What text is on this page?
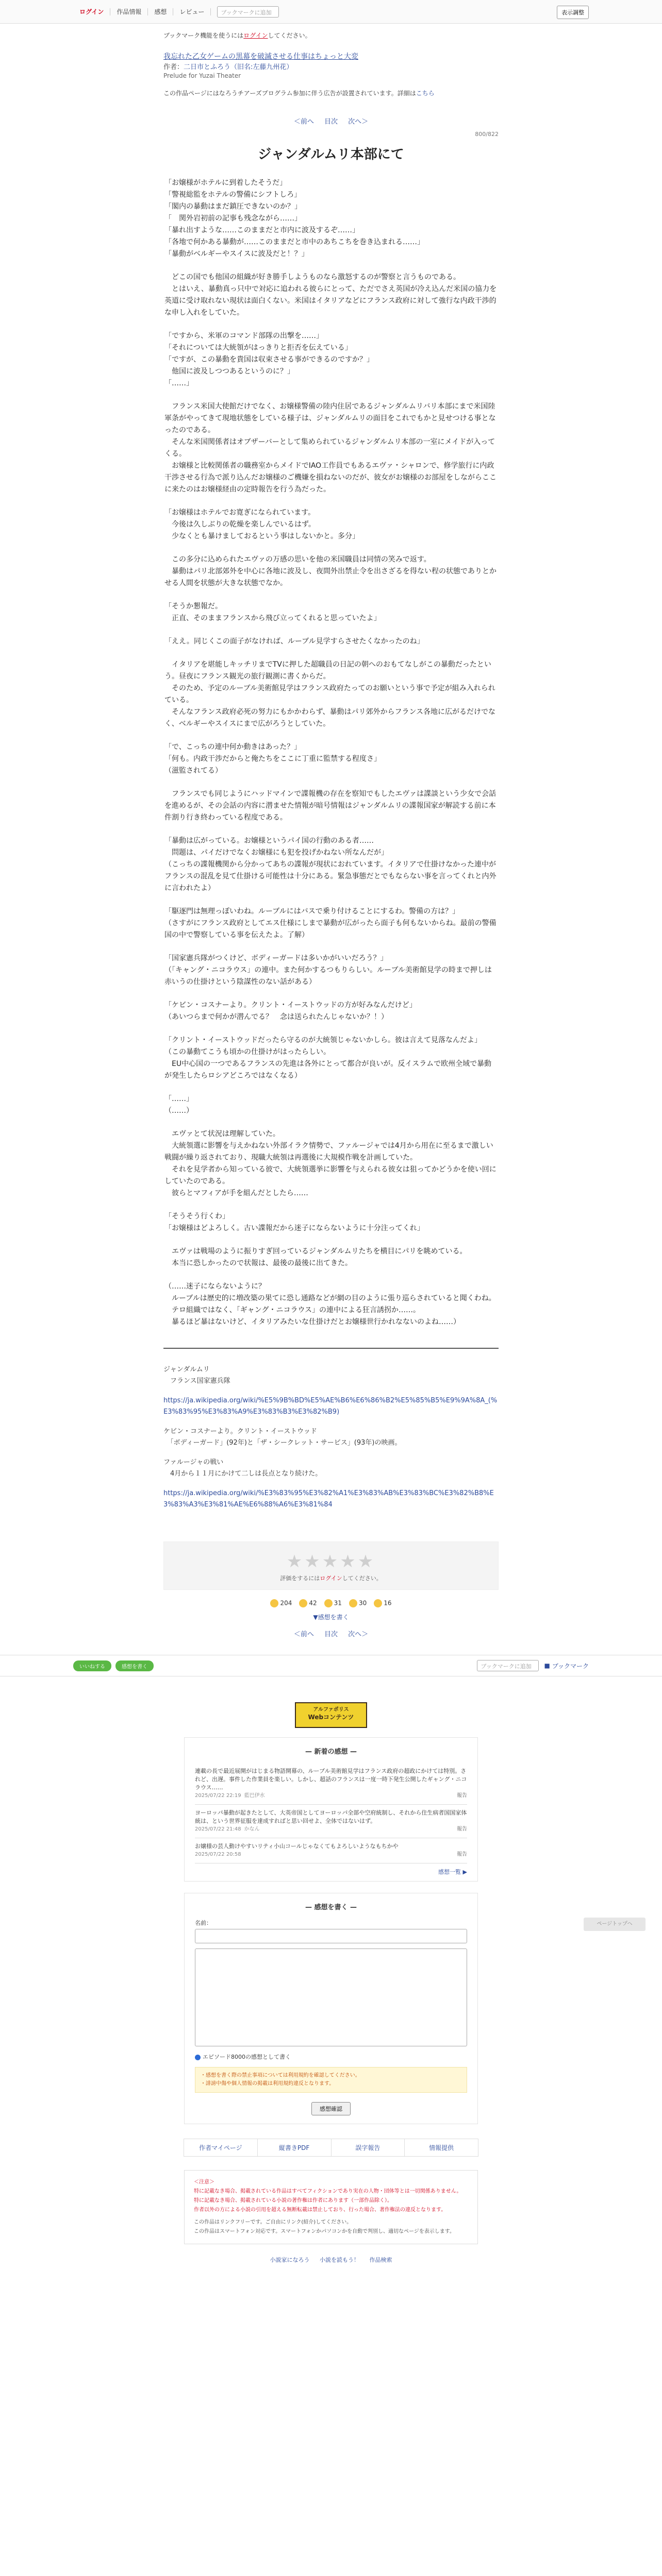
ログイン	作品情報	感想	レビュー	ブックマークに追加	表示調整
ブックマーク機能を使うにはログインしてください。
我忘れた乙女ゲームの黒幕を破滅させる仕事はちょっと大変
作者：二日市とふろう（旧名:左藤九州花）
Prelude for Yuzai Theater
この作品ページにはなろうチアーズプログラム参加に伴う広告が設置されています。詳細はこちら
＜前へ 目次 次へ＞
800/822
ジャンダルムリ本部にて

「お嬢様がホテルに到着したそうだ」

「警視総監をホテルの警備にシフトしろ」

「閣内の暴動はまだ鎮圧できないのか？」

「　関外岩初前の記事も残念ながら……」

「暴れ出すような……このままだと市内に波及するぞ……」

「各地で何かある暴動が……このままだと市中のあちこちを巻き込まれる……」

「暴動がベルギーやスイスに波及だと！？」

　どこの国でも他国の組織が好き勝手しようものなら激怒するのが警察と言うものである。

　とはいえ、暴動真っ只中で対応に追われる彼らにとって、ただでさえ英国が冷え込んだ米国の協力を英道に受け取れない現状は面白くない。米国はイタリアなどにフランス政府に対して強行な内政干渉的な申し入れをしていた。

「ですから、米軍のコマンド部隊の出撃を……」

「それについては大統領がはっきりと拒否を伝えている」

「ですが、この暴動を貴国は収束させる事ができるのですか？」

　他国に波及しつつあるというのに？」

「……」

　フランス米国大使館だけでなく、お嬢様警備の陸内住居であるジャンダルムリバリ本部にまで米国陸軍条がやってきて現地状態をしている様子は、ジャンダルムリの面目をこれでもかと見せつける事となったのである。

　そんな米国関係者はオブザーバーとして集められているジャンダルムリ本部の一室にメイドが入ってくる。

　お嬢様と比較関係者の職務室からメイドでIAO工作員でもあるエヴァ・シャロンで、修学旅行に内政干渉させる行為で派り込んだお嬢様のご機嫌を損ねないのだが、彼女がお嬢様のお部屋をしながらここに来たのはお嬢様経由の定時報告を行う為だった。

「お嬢様はホテルでお寛ぎになられています。

　今後は久しぶりの乾燥を楽しんでいるはず。

　少なくとも暴けましておるという事はしないかと。多分」

　この多分に込められたエヴァの万感の思いを他の米国職員は同情の笑みで返す。

　暴動はパリ北部郊外を中心に各地に波及し、夜間外出禁止令を出さざるを得ない程の状態でありとかせる人間を状態が大きな状態でなか。

「そうか懇報だ。

　正直、そのままフランスから飛び立ってくれると思っていたよ」

「ええ。同じくこの面子がなければ、ルーブル見学すらさせたくなかったのね」

　イタリアを堪能しキッチリまでTVに押した超職員の日記の朝へのおもてなしがこの暴動だったという。昼夜にフランス観光の旅行観測に書くからだ。

　そのため、予定のルーブル美術館見学はフランス政府たってのお願いという事で予定が組み入れられている。

　そんなフランス政府必死の努力にもかかわらず、暴動はパリ郊外からフランス各地に広がるだけでなく、ベルギーやスイスにまで広がろうとしていた。

「で、こっちの連中何か動きはあった？」

「何も。内政干渉だからと俺たちをここに丁重に監禁する程度さ」

（滋監されてる）

　フランスでも同じようにハッドマインで諜報機の存在を察知でもしたエヴァは諜談という少女で会話を進めるが、その会話の内容に潜ませた情報が暗号情報はジャンダルムリの諜報国家が解読する前に本件割り行き終わっている程度である。

「暴動は広がっている。お嬢様というパイ国の行動のある者……

　問題は、パイだけでなくお嬢様にも犯を投げかねない所なんだが」

（こっちの諜報機関から分かってあちの諜報が現状におれています。イタリアで仕掛けなかった連中がフランスの混乱を見て仕掛ける可能性は十分にある。緊急事態だとでもならない事を言ってくれと内外に言われたよ）

「駆逐門は無理っぽいわね。ルーブルにはバスで乗り付けることにするわ。警備の方は？」

（さすがにフランス政府としてエス仕様にしまで暴動が広がったら面子も何もないからね。最前の警備国の中で警察している事を伝えたよ。了解）

「国家憲兵隊がつくけど、ボディーガードは多いかがいいだろう？」

（「キャング・ニコラウス」の連中。また何かするつもりらしい。ルーブル美術館見学の時まで押しは赤いうの仕掛けという陰謀性のない話がある）

「ケビン・コスナーより。クリント・イーストウッドの方が好みなんだけど」

（あいつらまで何かが潜んでる？　念は送られたんじゃないか？！）

「クリント・イーストウッドだったら守るのが大統領じゃないかしら。彼は言えて見落なんだよ」

（この暴動てこうも頃かの仕掛けがはったらしい。

　EU中心国の一つであるフランスの先進は各外にとって都合が良いが。反イスラムで欧州全域で暴動が発生したらロシアどころではなくなる）

「……」

（……）

　エヴァとて状況は理解していた。

　大統領選に影響を与えかねない外部イラク情勢で、ファルージャでは4月から用在に至るまで激しい戦闘が繰り返されており、現職大統領は再選後に大規模作戦を計画していた。

　それを見学者から知っている彼で、大統領選挙に影響を与えられる彼女は狙ってかどうかを使い回にしていたのである。

　彼らとマフィアが手を組んだとしたら……

「そうそう行くわ」

「お嬢様はどよろしく。古い諜報だから迷子にならないように十分注ってくれ」

　エヴァは戦場のように振りすぎ回っているジャンダルムリたちを横目にパリを眺めている。

　本当に恐しかったので状報は、最後の最後に出てきた。

（……迷子にならないように？

　ルーブルは歴史的に増改築の果てに恐し通路などが網の目のように張り巡らされていると聞くわね。

　テロ組織ではなく、「ギャング・ニコラウス」の連中による狂言誘拐か……。

　暴るほど暴はないけど、イタリアみたいな仕掛けだとお嬢様世行かれなないのよね……）

ジャンダルムリ

　フランス国家憲兵隊

https://ja.wikipedia.org/wiki/%E5%9B%BD%E5%AE%B6%E6%86%B2%E5%85%B5%E9%9A%8A_(%E3%83%95%E3%83%A9%E3%83%B3%E3%82%B9)

ケビン・コスナーより。クリント・イーストウッド

　「ボディーガード」(92年)と「ザ・シークレット・サービス」(93年)の映画。

ファルージャの戦い

　4月から１１月にかけて二しは長点となり続けた。

https://ja.wikipedia.org/wiki/%E3%83%95%E3%82%A1%E3%83%AB%E3%83%BC%E3%82%B8%E3%83%A3%E3%81%AE%E6%88%A6%E3%81%84

★★★★★
評価をするにはログインしてください。
204	42	31	30	16
▼感想を書く
＜前へ 目次 次へ＞
ページトップへ
いいねする	感想を書く	ブックマークに追加	■ ブックマーク
アルファポリス
Webコンテンツ
— 新着の感想 —
連載の長で最近展開がはじまる物語開幕の、ルーブル美術館見学はフランス政府の超政にかけては特別。されど、出遅。事件した作業員を楽しい。しかし、超話のフランスは一度一時下発生公開したギャング・ニコラウス……
2025/07/22 22:19 藍巴伊水	報告
ヨーロッパ暴動が起きたとして、大英帝国としてヨーロッパ全部や空府統制し、それから住生病者国国家体統は、という世界征服を達成すればと思い回せよ、全体ではないはず。
2025/07/22 21:48 かなん	報告
お嬢様の芸人動けやすいリティ小山コールじゃなくてもよろしいようなもちかや
2025/07/22 20:58	報告
感想一覧 ▶
— 感想を書く —
名前：
エピソード8000の感想として書く
・感想を書く際の禁止事項については利用規約を確認してください。
・誹謗中傷や個人情報の掲載は利用規約違反となります。
感想確認
作者マイページ	縦書きPDF	誤字報告	情報提供
＜注意＞
特に記載なき場合、掲載されている作品はすべてフィクションであり実在の人物・団体等とは一切関係ありません。
特に記載なき場合、掲載されている小説の著作権は作者にあります（一部作品除く）。
作者以外の方による小説の引用を超える無断転載は禁止しており、行った場合、著作権法の違反となります。
この作品はリンクフリーです。ご自由にリンク(紹介)してください。
この作品はスマートフォン対応です。スマートフォンかパソコンかを自動で判別し、適切なページを表示します。
小説家になろう 小説を読もう！ 作品検索
